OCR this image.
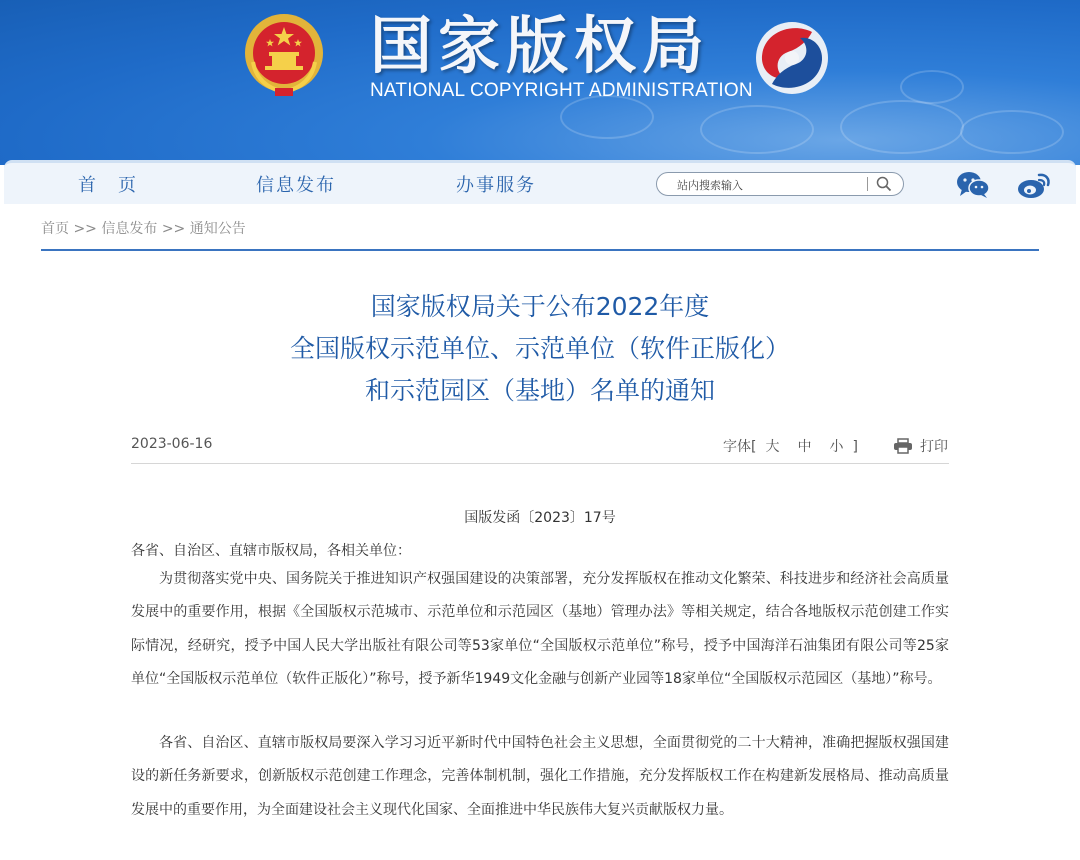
国家版权局
NATIONAL COPYRIGHT ADMINISTRATION
首　页	信息发布	办事服务
站内搜索输入
首页 >> 信息发布 >> 通知公告
国家版权局关于公布2022年度
全国版权示范单位、示范单位（软件正版化）
和示范园区（基地）名单的通知
2023-06-16	字体[ 大 中 小 ]	打印
国版发函〔2023〕17号
各省、自治区、直辖市版权局，各相关单位：

为贯彻落实党中央、国务院关于推进知识产权强国建设的决策部署，充分发挥版权在推动文化繁荣、科技进步和经济社会高质量发展中的重要作用，根据《全国版权示范城市、示范单位和示范园区（基地）管理办法》等相关规定，结合各地版权示范创建工作实际情况，经研究，授予中国人民大学出版社有限公司等53家单位“全国版权示范单位”称号，授予中国海洋石油集团有限公司等25家单位“全国版权示范单位（软件正版化）”称号，授予新华1949文化金融与创新产业园等18家单位“全国版权示范园区（基地）”称号。

各省、自治区、直辖市版权局要深入学习习近平新时代中国特色社会主义思想，全面贯彻党的二十大精神，准确把握版权强国建设的新任务新要求，创新版权示范创建工作理念，完善体制机制，强化工作措施，充分发挥版权工作在构建新发展格局、推动高质量发展中的重要作用，为全面建设社会主义现代化国家、全面推进中华民族伟大复兴贡献版权力量。
